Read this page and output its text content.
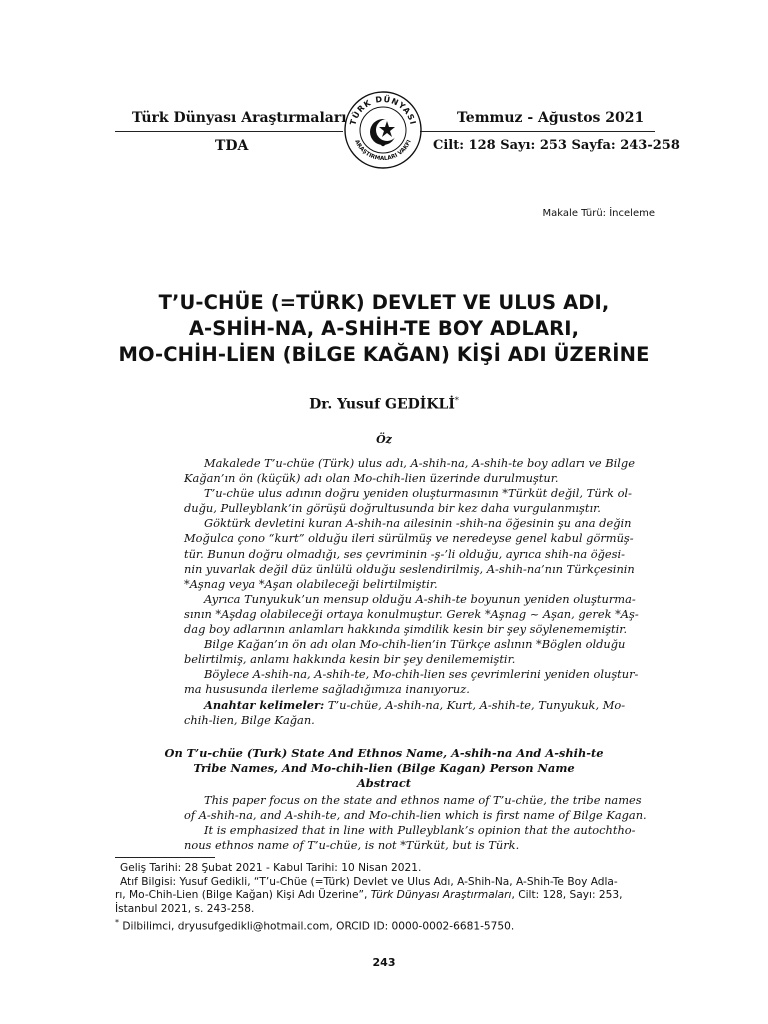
Türk Dünyası Araştırmaları
TDA
Temmuz - Ağustos 2021
Cilt: 128 Sayı: 253 Sayfa: 243-258
TÜRK DÜNYASI
ARAŞTIRMALARI VAKFI
Makale Türü: İnceleme
T’U-CHÜE (=TÜRK) DEVLET VE ULUS ADI,
A-SHİH-NA, A-SHİH-TE BOY ADLARI,
MO-CHİH-LİEN (BİLGE KAĞAN) KİŞİ ADI ÜZERİNE
Dr. Yusuf GEDİKLİ*
Öz
Makalede T’u-chüe (Türk) ulus adı, A-shih-na, A-shih-te boy adları ve Bilge
Kağan’ın ön (küçük) adı olan Mo-chih-lien üzerinde durulmuştur.
T’u-chüe ulus adının doğru yeniden oluşturmasının *Türküt değil, Türk ol-
duğu, Pulleyblank’in görüşü doğrultusunda bir kez daha vurgulanmıştır.
Göktürk devletini kuran A-shih-na ailesinin -shih-na öğesinin şu ana değin
Moğulca çono “kurt” olduğu ileri sürülmüş ve neredeyse genel kabul görmüş-
tür. Bunun doğru olmadığı, ses çevriminin -ş-’li olduğu, ayrıca shih-na öğesi-
nin yuvarlak değil düz ünlülü olduğu seslendirilmiş, A-shih-na’nın Türkçesinin
*Aşnag veya *Aşan olabileceği belirtilmiştir.
Ayrıca Tunyukuk’un mensup olduğu A-shih-te boyunun yeniden oluşturma-
sının *Aşdag olabileceği ortaya konulmuştur. Gerek *Aşnag ~ Aşan, gerek *Aş-
dag boy adlarının anlamları hakkında şimdilik kesin bir şey söylenememiştir.
Bilge Kağan’ın ön adı olan Mo-chih-lien’in Türkçe aslının *Böglen olduğu
belirtilmiş, anlamı hakkında kesin bir şey denilememiştir.
Böylece A-shih-na, A-shih-te, Mo-chih-lien ses çevrimlerini yeniden oluştur-
ma hususunda ilerleme sağladığımıza inanıyoruz.
Anahtar kelimeler: T’u-chüe, A-shih-na, Kurt, A-shih-te, Tunyukuk, Mo-
chih-lien, Bilge Kağan.
On T’u-chüe (Turk) State And Ethnos Name, A-shih-na And A-shih-te
Tribe Names, And Mo-chih-lien (Bilge Kagan) Person Name
Abstract
This paper focus on the state and ethnos name of T’u-chüe, the tribe names
of A-shih-na, and A-shih-te, and Mo-chih-lien which is first name of Bilge Kagan.
It is emphasized that in line with Pulleyblank’s opinion that the autochtho-
nous ethnos name of T’u-chüe, is not *Türküt, but is Türk.
Geliş Tarihi: 28 Şubat 2021 - Kabul Tarihi: 10 Nisan 2021.
Atıf Bilgisi: Yusuf Gedikli, “T’u-Chüe (=Türk) Devlet ve Ulus Adı, A-Shih-Na, A-Shih-Te Boy Adla-
rı, Mo-Chih-Lien (Bilge Kağan) Kişi Adı Üzerine”, Türk Dünyası Araştırmaları, Cilt: 128, Sayı: 253,
İstanbul 2021, s. 243-258.
* Dilbilimci, dryusufgedikli@hotmail.com, ORCID ID: 0000-0002-6681-5750.
243
